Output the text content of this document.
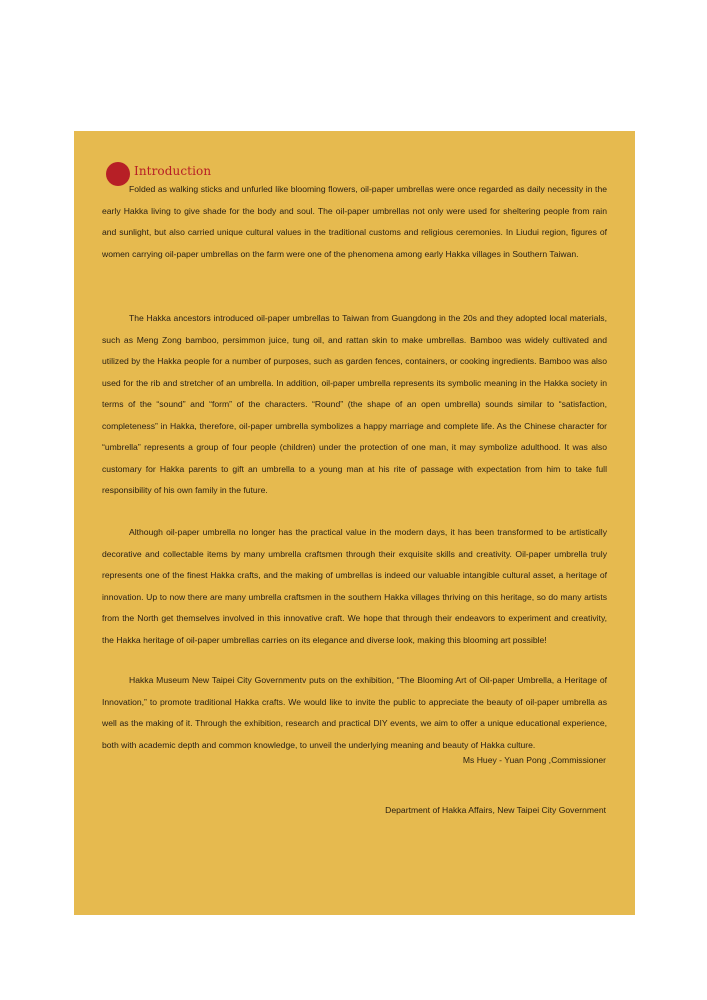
Introduction

Folded as walking sticks and unfurled like blooming flowers, oil-paper umbrellas were once regarded as daily necessity in the early Hakka living to give shade for the body and soul. The oil-paper umbrellas not only were used for sheltering people from rain and sunlight, but also carried unique cultural values in the traditional customs and religious ceremonies. In Liudui region, figures of women carrying oil-paper umbrellas on the farm were one of the phenomena among early Hakka villages in Southern Taiwan.

The Hakka ancestors introduced oil-paper umbrellas to Taiwan from Guangdong in the 20s and they adopted local materials, such as Meng Zong bamboo, persimmon juice, tung oil, and rattan skin to make umbrellas. Bamboo was widely cultivated and utilized by the Hakka people for a number of purposes, such as garden fences, containers, or cooking ingredients. Bamboo was also used for the rib and stretcher of an umbrella. In addition, oil-paper umbrella represents its symbolic meaning in the Hakka society in terms of the “sound” and “form” of the characters. “Round” (the shape of an open umbrella) sounds similar to “satisfaction, completeness” in Hakka, therefore, oil-paper umbrella symbolizes a happy marriage and complete life. As the Chinese character for “umbrella” represents a group of four people (children) under the protection of one man, it may symbolize adulthood. It was also customary for Hakka parents to gift an umbrella to a young man at his rite of passage with expectation from him to take full responsibility of his own family in the future.

Although oil-paper umbrella no longer has the practical value in the modern days, it has been transformed to be artistically decorative and collectable items by many umbrella craftsmen through their exquisite skills and creativity. Oil-paper umbrella truly represents one of the finest Hakka crafts, and the making of umbrellas is indeed our valuable intangible cultural asset, a heritage of innovation. Up to now there are many umbrella craftsmen in the southern Hakka villages thriving on this heritage, so do many artists from the North get themselves involved in this innovative craft. We hope that through their endeavors to experiment and creativity, the Hakka heritage of oil-paper umbrellas carries on its elegance and diverse look, making this blooming art possible!

Hakka Museum New Taipei City Governmentv puts on the exhibition, “The Blooming Art of Oil-paper Umbrella, a Heritage of Innovation,” to promote traditional Hakka crafts. We would like to invite the public to appreciate the beauty of oil-paper umbrella as well as the making of it. Through the exhibition, research and practical DIY events, we aim to offer a unique educational experience, both with academic depth and common knowledge, to unveil the underlying meaning and beauty of Hakka culture.

Ms Huey - Yuan Pong ,Commissioner
Department of Hakka Affairs, New Taipei City Government
